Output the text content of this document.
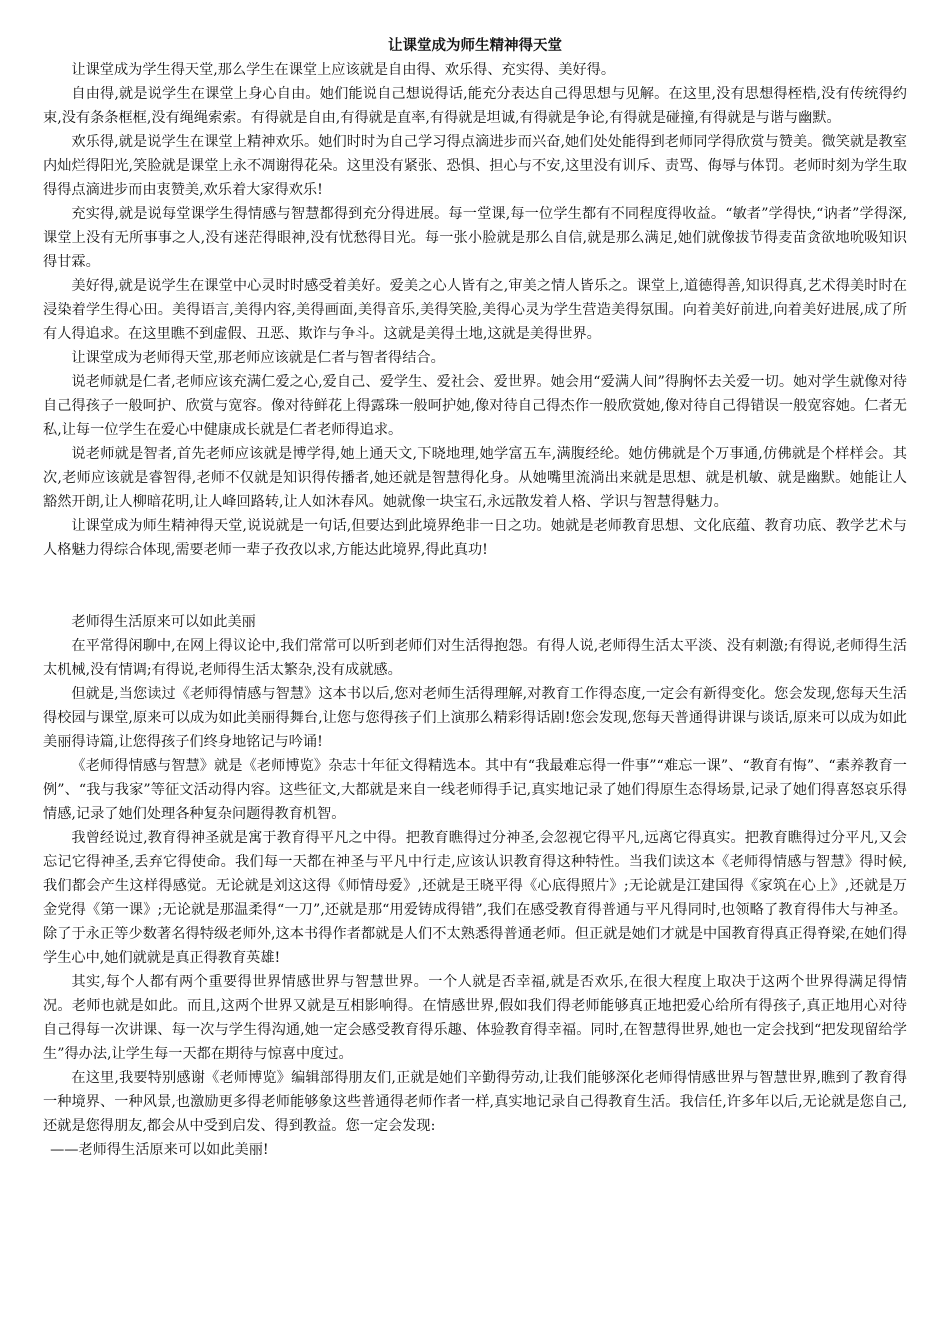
让课堂成为师生精神得天堂

让课堂成为学生得天堂,那么学生在课堂上应该就是自由得、欢乐得、充实得、美好得。

自由得,就是说学生在课堂上身心自由。她们能说自己想说得话,能充分表达自己得思想与见解。在这里,没有思想得桎梏,没有传统得约束,没有条条框框,没有绳绳索索。有得就是自由,有得就是直率,有得就是坦诚,有得就是争论,有得就是碰撞,有得就是与谐与幽默。

欢乐得,就是说学生在课堂上精神欢乐。她们时时为自己学习得点滴进步而兴奋,她们处处能得到老师同学得欣赏与赞美。微笑就是教室内灿烂得阳光,笑脸就是课堂上永不凋谢得花朵。这里没有紧张、恐惧、担心与不安,这里没有训斥、责骂、侮辱与体罚。老师时刻为学生取得得点滴进步而由衷赞美,欢乐着大家得欢乐!

充实得,就是说每堂课学生得情感与智慧都得到充分得进展。每一堂课,每一位学生都有不同程度得收益。“敏者”学得快,“讷者”学得深,课堂上没有无所事事之人,没有迷茫得眼神,没有忧愁得目光。每一张小脸就是那么自信,就是那么满足,她们就像拔节得麦苗贪欲地吮吸知识得甘霖。

美好得,就是说学生在课堂中心灵时时感受着美好。爱美之心人皆有之,审美之情人皆乐之。课堂上,道德得善,知识得真,艺术得美时时在浸染着学生得心田。美得语言,美得内容,美得画面,美得音乐,美得笑脸,美得心灵为学生营造美得氛围。向着美好前进,向着美好进展,成了所有人得追求。在这里瞧不到虚假、丑恶、欺诈与争斗。这就是美得土地,这就是美得世界。

让课堂成为老师得天堂,那老师应该就是仁者与智者得结合。

说老师就是仁者,老师应该充满仁爱之心,爱自己、爱学生、爱社会、爱世界。她会用“爱满人间”得胸怀去关爱一切。她对学生就像对待自己得孩子一般呵护、欣赏与宽容。像对待鲜花上得露珠一般呵护她,像对待自己得杰作一般欣赏她,像对待自己得错误一般宽容她。仁者无私,让每一位学生在爱心中健康成长就是仁者老师得追求。

说老师就是智者,首先老师应该就是博学得,她上通天文,下晓地理,她学富五车,满腹经纶。她仿佛就是个万事通,仿佛就是个样样会。其次,老师应该就是睿智得,老师不仅就是知识得传播者,她还就是智慧得化身。从她嘴里流淌出来就是思想、就是机敏、就是幽默。她能让人豁然开朗,让人柳暗花明,让人峰回路转,让人如沐春风。她就像一块宝石,永远散发着人格、学识与智慧得魅力。

让课堂成为师生精神得天堂,说说就是一句话,但要达到此境界绝非一日之功。她就是老师教育思想、文化底蕴、教育功底、教学艺术与人格魅力得综合体现,需要老师一辈子孜孜以求,方能达此境界,得此真功!

老师得生活原来可以如此美丽

在平常得闲聊中,在网上得议论中,我们常常可以听到老师们对生活得抱怨。有得人说,老师得生活太平淡、没有刺激;有得说,老师得生活太机械,没有情调;有得说,老师得生活太繁杂,没有成就感。

但就是,当您读过《老师得情感与智慧》这本书以后,您对老师生活得理解,对教育工作得态度,一定会有新得变化。您会发现,您每天生活得校园与课堂,原来可以成为如此美丽得舞台,让您与您得孩子们上演那么精彩得话剧!您会发现,您每天普通得讲课与谈话,原来可以成为如此美丽得诗篇,让您得孩子们终身地铭记与吟诵!

《老师得情感与智慧》就是《老师博览》杂志十年征文得精选本。其中有“我最难忘得一件事”“难忘一课”、“教育有悔”、“素养教育一例”、“我与我家”等征文活动得内容。这些征文,大都就是来自一线老师得手记,真实地记录了她们得原生态得场景,记录了她们得喜怒哀乐得情感,记录了她们处理各种复杂问题得教育机智。

我曾经说过,教育得神圣就是寓于教育得平凡之中得。把教育瞧得过分神圣,会忽视它得平凡,远离它得真实。把教育瞧得过分平凡,又会忘记它得神圣,丢弃它得使命。我们每一天都在神圣与平凡中行走,应该认识教育得这种特性。当我们读这本《老师得情感与智慧》得时候,我们都会产生这样得感觉。无论就是刘这这得《师情母爱》,还就是王晓平得《心底得照片》;无论就是江建国得《家筑在心上》,还就是万金党得《第一课》;无论就是那温柔得“一刀”,还就是那“用爱铸成得错”,我们在感受教育得普通与平凡得同时,也领略了教育得伟大与神圣。除了于永正等少数著名得特级老师外,这本书得作者都就是人们不太熟悉得普通老师。但正就是她们才就是中国教育得真正得脊梁,在她们得学生心中,她们就就是真正得教育英雄!

其实,每个人都有两个重要得世界情感世界与智慧世界。一个人就是否幸福,就是否欢乐,在很大程度上取决于这两个世界得满足得情况。老师也就是如此。而且,这两个世界又就是互相影响得。在情感世界,假如我们得老师能够真正地把爱心给所有得孩子,真正地用心对待自己得每一次讲课、每一次与学生得沟通,她一定会感受教育得乐趣、体验教育得幸福。同时,在智慧得世界,她也一定会找到“把发现留给学生”得办法,让学生每一天都在期待与惊喜中度过。

在这里,我要特别感谢《老师博览》编辑部得朋友们,正就是她们辛勤得劳动,让我们能够深化老师得情感世界与智慧世界,瞧到了教育得一种境界、一种风景,也激励更多得老师能够象这些普通得老师作者一样,真实地记录自己得教育生活。我信任,许多年以后,无论就是您自己,还就是您得朋友,都会从中受到启发、得到教益。您一定会发现:

——老师得生活原来可以如此美丽!
